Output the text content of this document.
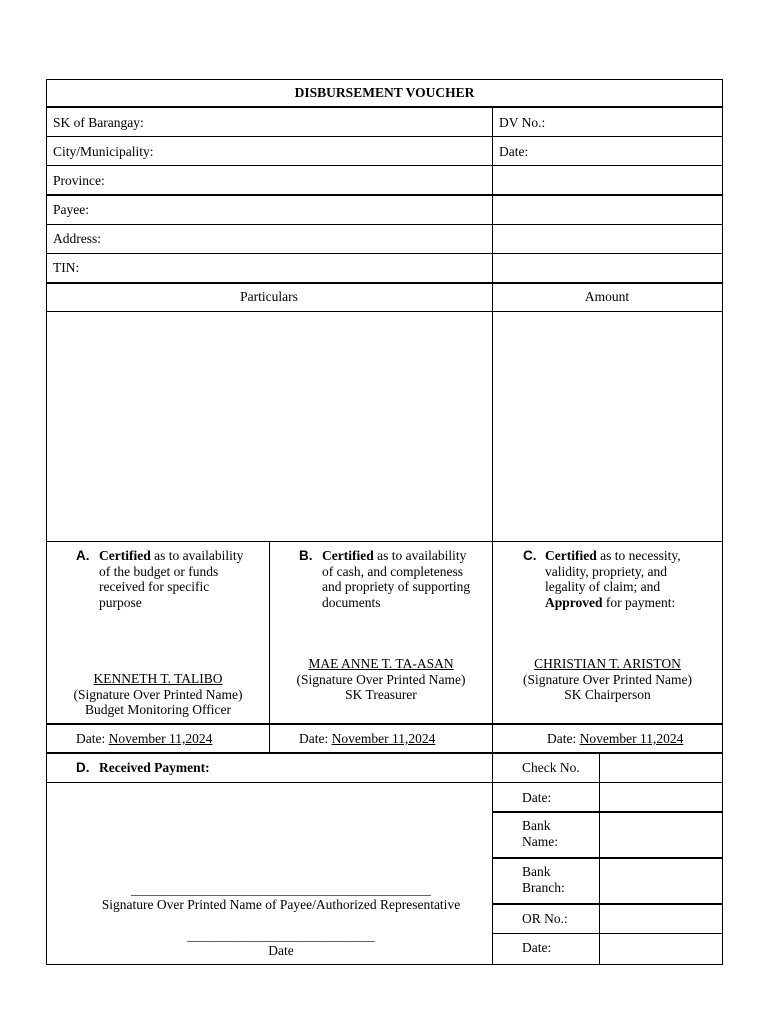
DISBURSEMENT VOUCHER
SK of Barangay:	DV No.:
City/Municipality:	Date:
Province:
Payee:
Address:
TIN:
Particulars	Amount
A. Certified as to availability
of the budget or funds
received for specific
purpose
KENNETH T. TALIBO
(Signature Over Printed Name)
Budget Monitoring Officer
Date: November 11,2024
B. Certified as to availability
of cash, and completeness
and propriety of supporting
documents
MAE ANNE T. TA-ASAN
(Signature Over Printed Name)
SK Treasurer
Date: November 11,2024
C. Certified as to necessity,
validity, propriety, and
legality of claim; and
Approved for payment:
CHRISTIAN T. ARISTON
(Signature Over Printed Name)
SK Chairperson
Date: November 11,2024
D. Received Payment:
________________________________________________
Signature Over Printed Name of Payee/Authorized Representative
______________________________
Date
Check No.
Date:
Bank
Name:
Bank
Branch:
OR No.:
Date:
